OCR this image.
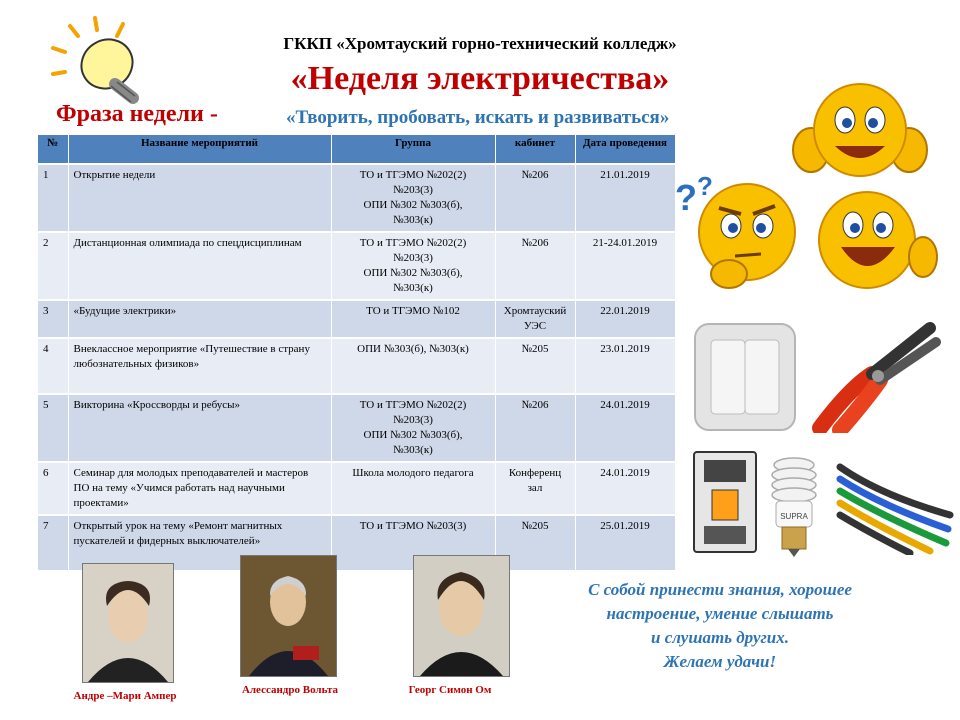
ГККП «Хромтауский горно-технический колледж»
«Неделя электричества»
Фраза недели -	«Творить, пробовать, искать и развиваться»
№	Название мероприятий	Группа	кабинет	Дата проведения
1	Открытие недели	ТО и ТГЭМО №202(2)
№203(3)
ОПИ №302 №303(б),
№303(к)	№206	21.01.2019
2	Дистанционная олимпиада по спецдисциплинам	ТО и ТГЭМО №202(2)
№203(3)
ОПИ №302 №303(б),
№303(к)	№206	21-24.01.2019
3	«Будущие электрики»	ТО и ТГЭМО №102	Хромтауский УЭС	22.01.2019
4	Внеклассное мероприятие «Путешествие в страну любознательных физиков»	ОПИ №303(б), №303(к)	№205	23.01.2019
5	Викторина «Кроссворды и ребусы»	ТО и ТГЭМО №202(2)
№203(3)
ОПИ №302 №303(б),
№303(к)	№206	24.01.2019
6	Семинар для молодых преподавателей и мастеров ПО на тему «Учимся работать над научными проектами»	Школа молодого педагога	Конференц зал	24.01.2019
7	Открытый урок на тему «Ремонт магнитных пускателей и фидерных выключателей»	ТО и ТГЭМО №203(3)	№205	25.01.2019
? ?
SUPRA
Андре –Мари Ампер	Алессандро Вольта	Георг Симон Ом
С собой принести знания, хорошее
настроение, умение слышать
и слушать других.
Желаем удачи!
